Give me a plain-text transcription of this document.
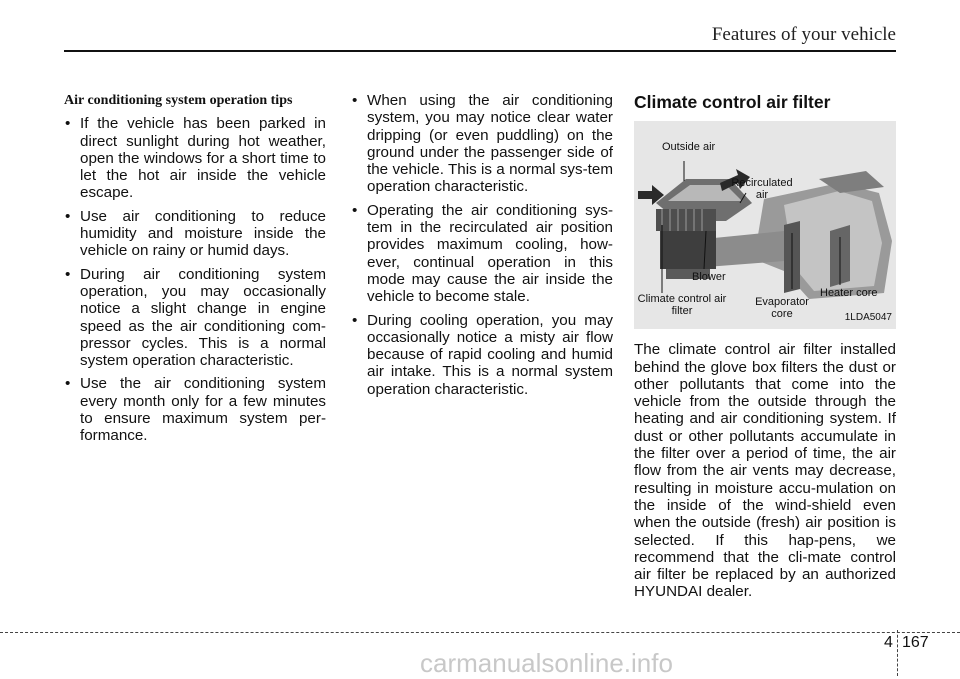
Features of your vehicle
Air conditioning system operation tips
• If the vehicle has been parked in direct sunlight during hot weather, open the windows for a short time to let the hot air inside the vehicle escape.
• Use air conditioning to reduce humidity and moisture inside the vehicle on rainy or humid days.
• During air conditioning system operation, you may occasionally notice a slight change in engine speed as the air conditioning com-pressor cycles. This is a normal system operation characteristic.
• Use the air conditioning system every month only for a few minutes to ensure maximum system per-formance.
• When using the air conditioning system, you may notice clear water dripping (or even puddling) on the ground under the passenger side of the vehicle. This is a normal sys-tem operation characteristic.
• Operating the air conditioning sys-tem in the recirculated air position provides maximum cooling, how-ever, continual operation in this mode may cause the air inside the vehicle to become stale.
• During cooling operation, you may occasionally notice a misty air flow because of rapid cooling and humid air intake. This is a normal system operation characteristic.
Climate control air filter
Outside air
Recirculated air
Blower
Climate control air filter
Evaporator core
Heater core
1LDA5047
The climate control air filter installed behind the glove box filters the dust or other pollutants that come into the vehicle from the outside through the heating and air conditioning system. If dust or other pollutants accumulate in the filter over a period of time, the air flow from the air vents may decrease, resulting in moisture accu-mulation on the inside of the wind-shield even when the outside (fresh) air position is selected. If this hap-pens, we recommend that the cli-mate control air filter be replaced by an authorized HYUNDAI dealer.
4 167
carmanualsonline.info
